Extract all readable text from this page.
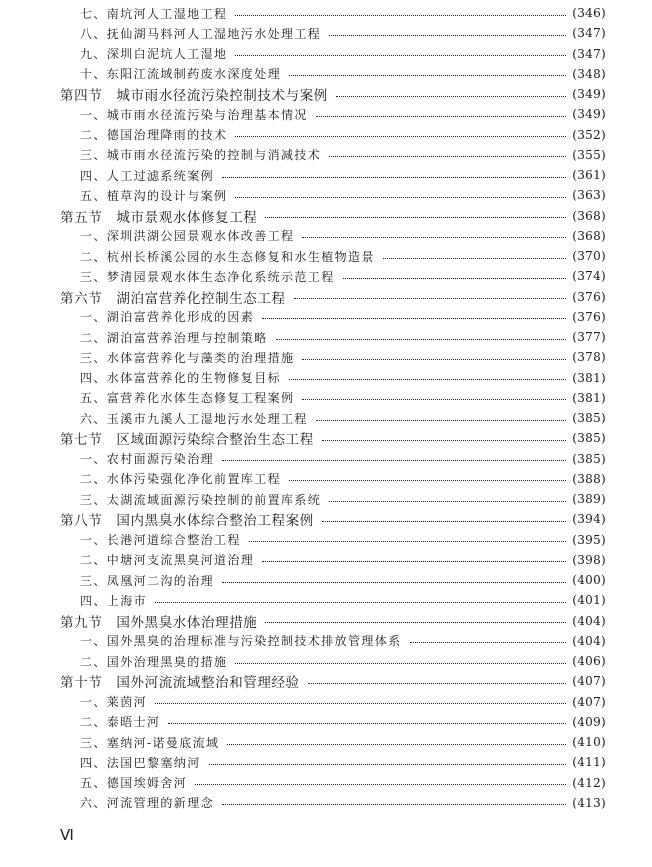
七、南坑河人工湿地工程	(346)
八、抚仙湖马料河人工湿地污水处理工程	(347)
九、深圳白泥坑人工湿地	(347)
十、东阳江流域制药废水深度处理	(348)
第四节　城市雨水径流污染控制技术与案例	(349)
一、城市雨水径流污染与治理基本情况	(349)
二、德国治理降雨的技术	(352)
三、城市雨水径流污染的控制与消减技术	(355)
四、人工过滤系统案例	(361)
五、植草沟的设计与案例	(363)
第五节　城市景观水体修复工程	(368)
一、深圳洪湖公园景观水体改善工程	(368)
二、杭州长桥溪公园的水生态修复和水生植物造景	(370)
三、梦清园景观水体生态净化系统示范工程	(374)
第六节　湖泊富营养化控制生态工程	(376)
一、湖泊富营养化形成的因素	(376)
二、湖泊富营养治理与控制策略	(377)
三、水体富营养化与藻类的治理措施	(378)
四、水体富营养化的生物修复目标	(381)
五、富营养化水体生态修复工程案例	(381)
六、玉溪市九溪人工湿地污水处理工程	(385)
第七节　区域面源污染综合整治生态工程	(385)
一、农村面源污染治理	(385)
二、水体污染强化净化前置库工程	(388)
三、太湖流域面源污染控制的前置库系统	(389)
第八节　国内黑臭水体综合整治工程案例	(394)
一、长港河道综合整治工程	(395)
二、中塘河支流黑臭河道治理	(398)
三、凤凰河二沟的治理	(400)
四、上海市	(401)
第九节　国外黑臭水体治理措施	(404)
一、国外黑臭的治理标准与污染控制技术排放管理体系	(404)
二、国外治理黑臭的措施	(406)
第十节　国外河流流域整治和管理经验	(407)
一、莱茵河	(407)
二、泰晤士河	(409)
三、塞纳河-诺曼底流域	(410)
四、法国巴黎塞纳河	(411)
五、德国埃姆舍河	(412)
六、河流管理的新理念	(413)
Ⅵ
